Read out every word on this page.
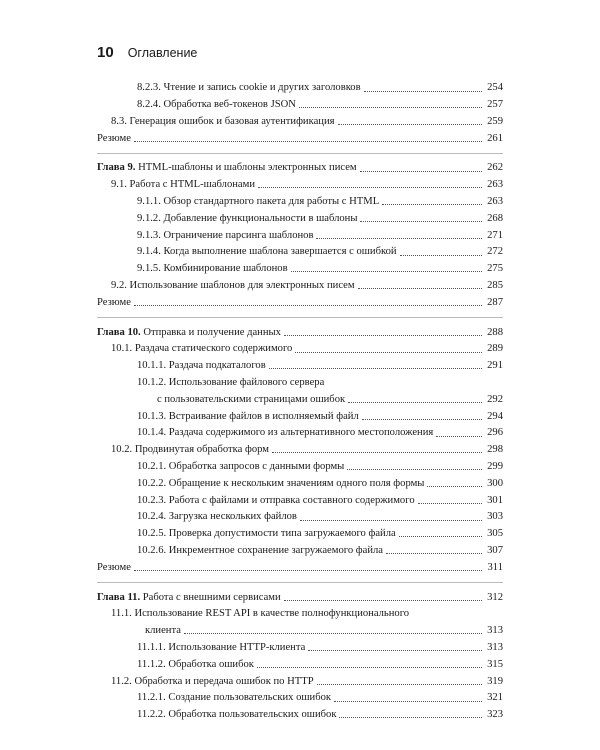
10 Оглавление
8.2.3. Чтение и запись cookie и других заголовков	254
8.2.4. Обработка веб-токенов JSON	257
8.3. Генерация ошибок и базовая аутентификация	259
Резюме	261
Глава 9. HTML-шаблоны и шаблоны электронных писем	262
9.1. Работа с HTML-шаблонами	263
9.1.1. Обзор стандартного пакета для работы с HTML	263
9.1.2. Добавление функциональности в шаблоны	268
9.1.3. Ограничение парсинга шаблонов	271
9.1.4. Когда выполнение шаблона завершается с ошибкой	272
9.1.5. Комбинирование шаблонов	275
9.2. Использование шаблонов для электронных писем	285
Резюме	287
Глава 10. Отправка и получение данных	288
10.1. Раздача статического содержимого	289
10.1.1. Раздача подкаталогов	291
10.1.2. Использование файлового сервера
с пользовательскими страницами ошибок	292
10.1.3. Встраивание файлов в исполняемый файл	294
10.1.4. Раздача содержимого из альтернативного местоположения	296
10.2. Продвинутая обработка форм	298
10.2.1. Обработка запросов с данными формы	299
10.2.2. Обращение к нескольким значениям одного поля формы	300
10.2.3. Работа с файлами и отправка составного содержимого	301
10.2.4. Загрузка нескольких файлов	303
10.2.5. Проверка допустимости типа загружаемого файла	305
10.2.6. Инкрементное сохранение загружаемого файла	307
Резюме	311
Глава 11. Работа с внешними сервисами	312
11.1. Использование REST API в качестве полнофункционального
клиента	313
11.1.1. Использование HTTP-клиента	313
11.1.2. Обработка ошибок	315
11.2. Обработка и передача ошибок по HTTP	319
11.2.1. Создание пользовательских ошибок	321
11.2.2. Обработка пользовательских ошибок	323
